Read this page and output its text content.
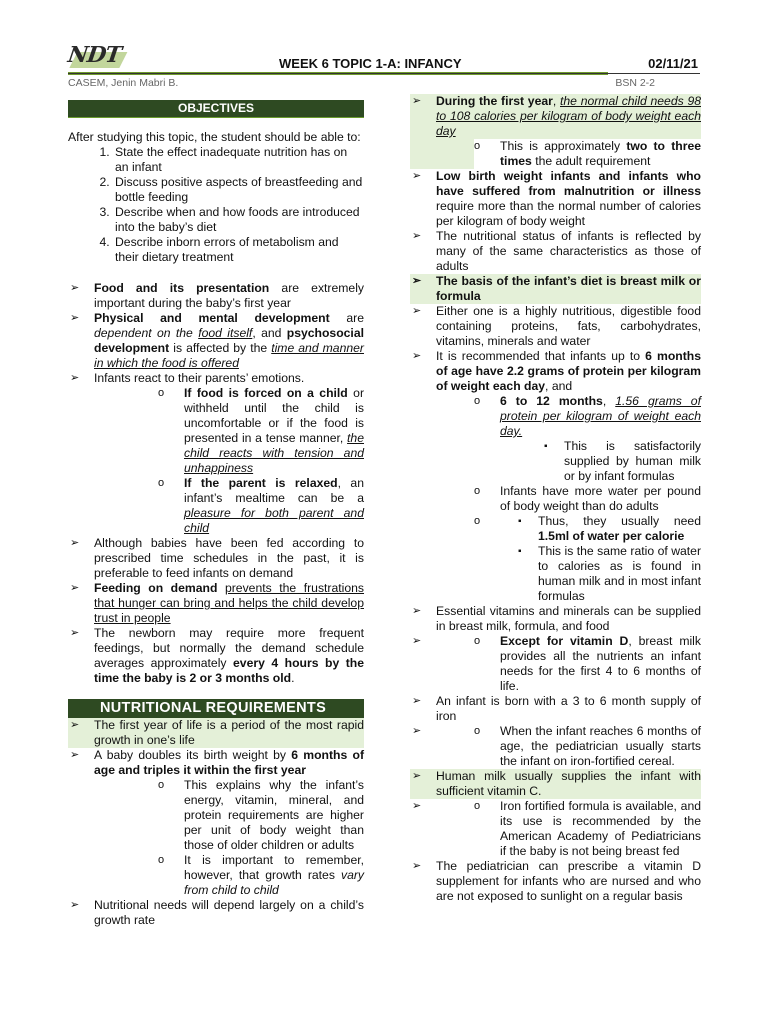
NDT	WEEK 6 TOPIC 1-A: INFANCY	02/11/21
CASEM, Jenin Mabri B.	BSN 2-2
OBJECTIVES

After studying this topic, the student should be able to:

1. State the effect inadequate nutrition has on an infant
2. Discuss positive aspects of breastfeeding and bottle feeding
3. Describe when and how foods are introduced into the baby’s diet
4. Describe inborn errors of metabolism and their dietary treatment
➢ Food and its presentation are extremely important during the baby’s first year
➢ Physical and mental development are dependent on the food itself, and psychosocial development is affected by the time and manner in which the food is offered
➢ Infants react to their parents’ emotions.
o If food is forced on a child or withheld until the child is uncomfortable or if the food is presented in a tense manner, the child reacts with tension and unhappiness
o If the parent is relaxed, an infant’s mealtime can be a pleasure for both parent and child
➢ Although babies have been fed according to prescribed time schedules in the past, it is preferable to feed infants on demand
➢ Feeding on demand prevents the frustrations that hunger can bring and helps the child develop trust in people
➢ The newborn may require more frequent feedings, but normally the demand schedule averages approximately every 4 hours by the time the baby is 2 or 3 months old.
NUTRITIONAL REQUIREMENTS
➢ The first year of life is a period of the most rapid growth in one’s life
➢ A baby doubles its birth weight by 6 months of age and triples it within the first year
o This explains why the infant’s energy, vitamin, mineral, and protein requirements are higher per unit of body weight than those of older children or adults
o It is important to remember, however, that growth rates vary from child to child
➢ Nutritional needs will depend largely on a child’s growth rate
➢ During the first year, the normal child needs 98 to 108 calories per kilogram of body weight each day
o This is approximately two to three times the adult requirement
➢ Low birth weight infants and infants who have suffered from malnutrition or illness require more than the normal number of calories per kilogram of body weight
➢ The nutritional status of infants is reflected by many of the same characteristics as those of adults
➢ The basis of the infant’s diet is breast milk or formula
➢ Either one is a highly nutritious, digestible food containing proteins, fats, carbohydrates, vitamins, minerals and water
➢ It is recommended that infants up to 6 months of age have 2.2 grams of protein per kilogram of weight each day, and
o 6 to 12 months, 1.56 grams of protein per kilogram of weight each day.
▪ This is satisfactorily supplied by human milk or by infant formulas
o Infants have more water per pound of body weight than do adults
▪ o Thus, they usually need 1.5ml of water per calorie
▪ This is the same ratio of water to calories as is found in human milk and in most infant formulas
➢ Essential vitamins and minerals can be supplied in breast milk, formula, and food
o ➢ Except for vitamin D, breast milk provides all the nutrients an infant needs for the first 4 to 6 months of life.
➢ An infant is born with a 3 to 6 month supply of iron
o ➢ When the infant reaches 6 months of age, the pediatrician usually starts the infant on iron-fortified cereal.
➢ Human milk usually supplies the infant with sufficient vitamin C.
o ➢ Iron fortified formula is available, and its use is recommended by the American Academy of Pediatricians if the baby is not being breast fed
➢ The pediatrician can prescribe a vitamin D supplement for infants who are nursed and who are not exposed to sunlight on a regular basis
